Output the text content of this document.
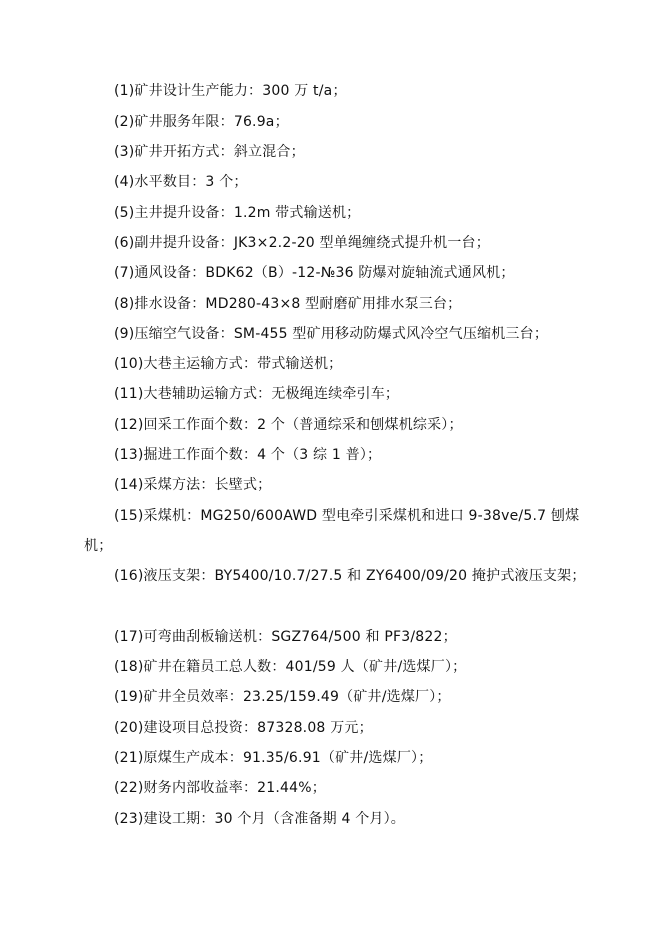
(1)矿井设计生产能力：300 万 t/a；
(2)矿井服务年限：76.9a；
(3)矿井开拓方式：斜立混合；
(4)水平数目：3 个；
(5)主井提升设备：1.2m 带式输送机；
(6)副井提升设备：JK3×2.2-20 型单绳缠绕式提升机一台；
(7)通风设备：BDK62（B）-12-№36 防爆对旋轴流式通风机；
(8)排水设备：MD280-43×8 型耐磨矿用排水泵三台；
(9)压缩空气设备：SM-455 型矿用移动防爆式风冷空气压缩机三台；
(10)大巷主运输方式：带式输送机；
(11)大巷辅助运输方式：无极绳连续牵引车；
(12)回采工作面个数：2 个（普通综采和刨煤机综采）；
(13)掘进工作面个数：4 个（3 综 1 普）；
(14)采煤方法：长壁式；
(15)采煤机：MG250/600AWD 型电牵引采煤机和进口 9-38ve/5.7 刨煤
机；
(16)液压支架：BY5400/10.7/27.5 和 ZY6400/09/20 掩护式液压支架；
(17)可弯曲刮板输送机：SGZ764/500 和 PF3/822；
(18)矿井在籍员工总人数：401/59 人（矿井/选煤厂）；
(19)矿井全员效率：23.25/159.49（矿井/选煤厂）；
(20)建设项目总投资：87328.08 万元；
(21)原煤生产成本：91.35/6.91（矿井/选煤厂）；
(22)财务内部收益率：21.44%；
(23)建设工期：30 个月（含准备期 4 个月）。
